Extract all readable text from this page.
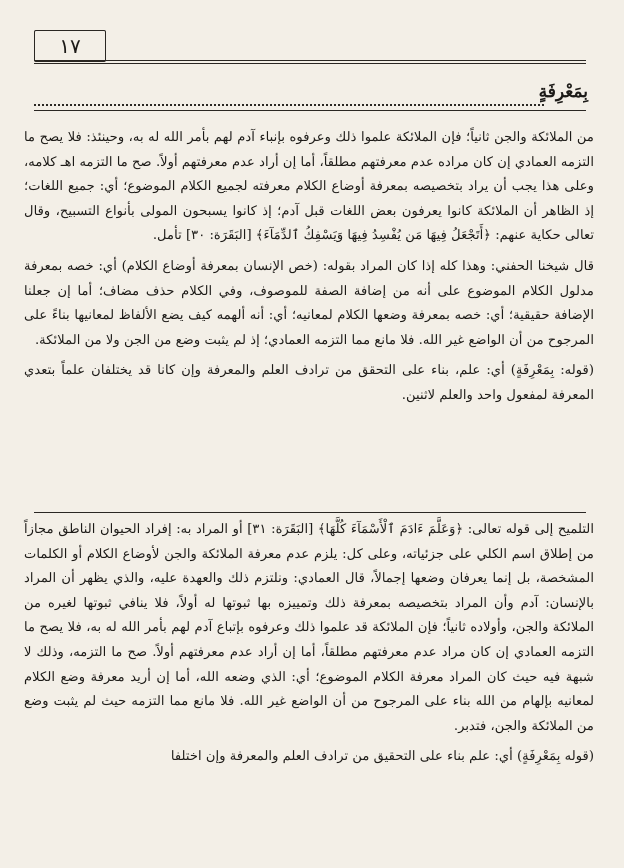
١٧
بِمَعْرِفَةٍ

من الملائكة والجن ثانياً؛ فإن الملائكة علموا ذلك وعرفوه بإنباء آدم لهم بأمر الله له به، وحينئذ: فلا يصح ما التزمه العمادي إن كان مراده عدم معرفتهم مطلقاً، أما إن أراد عدم معرفتهم أولاً. صح ما التزمه اهـ كلامه، وعلى هذا يجب أن يراد بتخصيصه بمعرفة أوضاع الكلام معرفته لجميع الكلام الموضوع؛ أي: جميع اللغات؛ إذ الظاهر أن الملائكة كانوا يعرفون بعض اللغات قبل آدم؛ إذ كانوا يسبحون المولى بأنواع التسبيح، وقال تعالى حكاية عنهم: ﴿أَتَجْعَلُ فِيهَا مَن يُفْسِدُ فِيهَا وَيَسْفِكُ ٱلدِّمَآءَ﴾ [البَقَرَة: ٣٠] تأمل.

قال شيخنا الحفني: وهذا كله إذا كان المراد بقوله: (خص الإنسان بمعرفة أوضاع الكلام) أي: خصه بمعرفة مدلول الكلام الموضوع على أنه من إضافة الصفة للموصوف، وفي الكلام حذف مضاف؛ أما إن جعلنا الإضافة حقيقية؛ أي: خصه بمعرفة وضعها الكلام لمعانيه؛ أي: أنه ألهمه كيف يضع الألفاظ لمعانيها بناءً على المرجوح من أن الواضع غير الله. فلا مانع مما التزمه العمادي؛ إذ لم يثبت وضع من الجن ولا من الملائكة.

(قوله: بِمَعْرِفَةٍ) أي: علم، بناء على التحقق من ترادف العلم والمعرفة وإن كانا قد يختلفان علماً بتعدي المعرفة لمفعول واحد والعلم لاثنين.

التلميح إلى قوله تعالى: ﴿وَعَلَّمَ ءَادَمَ ٱلْأَسْمَآءَ كُلَّهَا﴾ [البَقَرَة: ٣١] أو المراد به: إفراد الحيوان الناطق مجازاً من إطلاق اسم الكلي على جزئياته، وعلى كل: يلزم عدم معرفة الملائكة والجن لأوضاع الكلام أو الكلمات المشخصة، بل إنما يعرفان وضعها إجمالاً، قال العمادي: ونلتزم ذلك والعهدة عليه، والذي يظهر أن المراد بالإنسان: آدم وأن المراد بتخصيصه بمعرفة ذلك وتمييزه بها ثبوتها له أولاً، فلا ينافي ثبوتها لغيره من الملائكة والجن، وأولاده ثانياً؛ فإن الملائكة قد علموا ذلك وعرفوه بإتباع آدم لهم بأمر الله له به، فلا يصح ما التزمه العمادي إن كان مراد عدم معرفتهم مطلقاً، أما إن أراد عدم معرفتهم أولاً. صح ما التزمه، وذلك لا شبهة فيه حيث كان المراد معرفة الكلام الموضوع؛ أي: الذي وضعه الله، أما إن أريد معرفة وضع الكلام لمعانيه بإلهام من الله بناء على المرجوح من أن الواضع غير الله. فلا مانع مما التزمه حيث لم يثبت وضع من الملائكة والجن، فتدبر.

(قوله بِمَعْرِفَةٍ) أي: علم بناء على التحقيق من ترادف العلم والمعرفة وإن اختلفا
